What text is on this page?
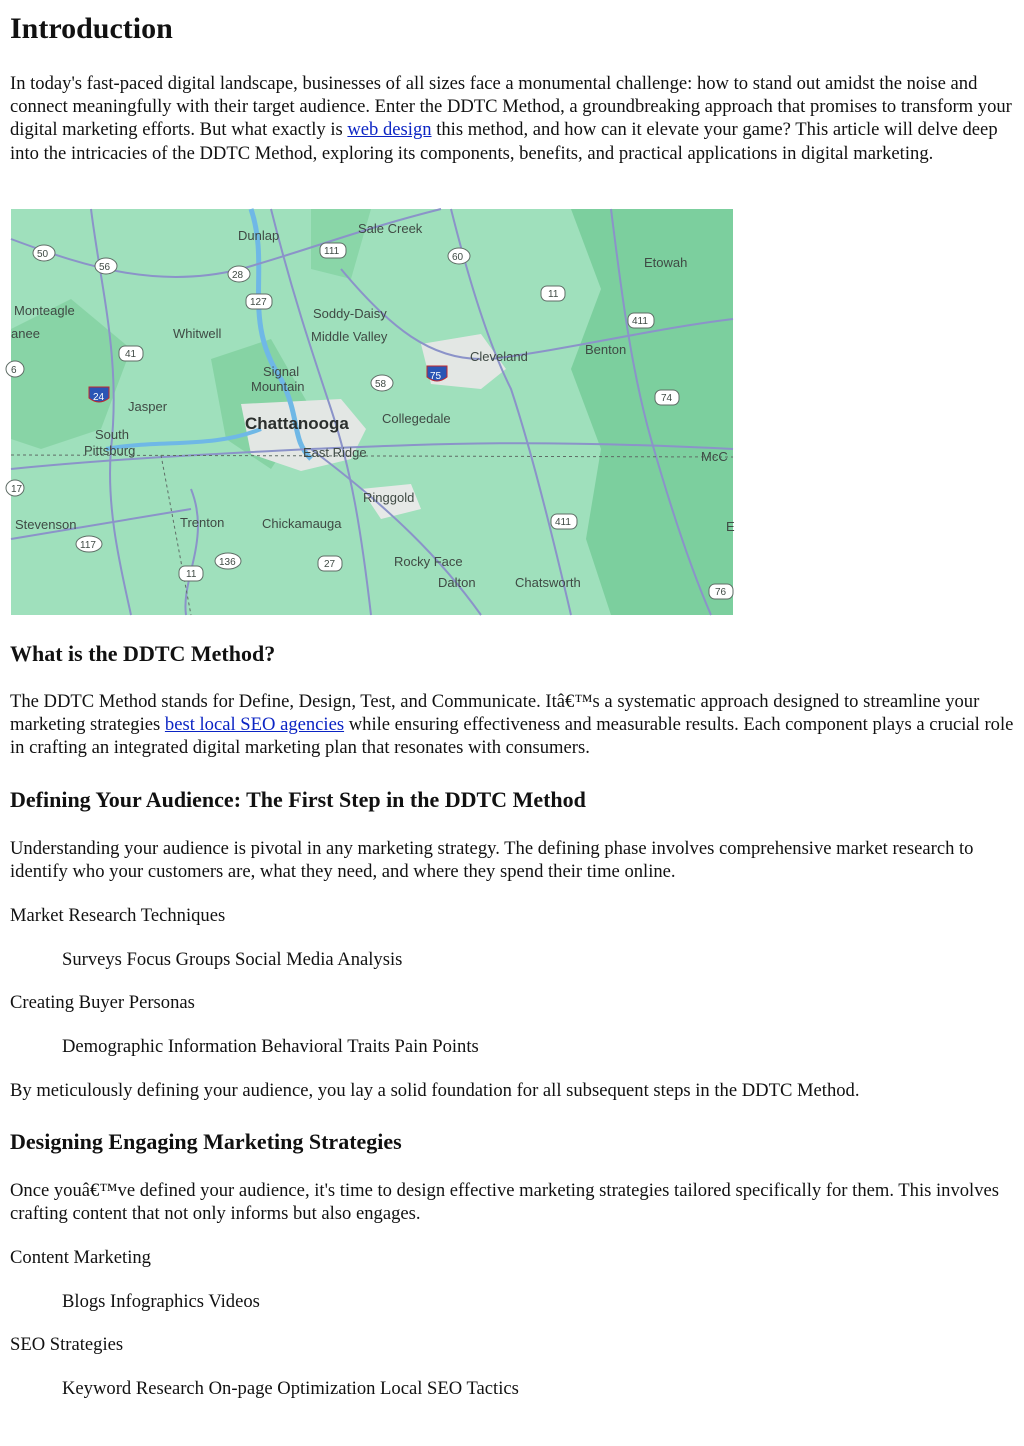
Introduction

In today's fast-paced digital landscape, businesses of all sizes face a monumental challenge: how to stand out amidst the noise and connect meaningfully with their target audience. Enter the DDTC Method, a groundbreaking approach that promises to transform your digital marketing efforts. But what exactly is web design this method, and how can it elevate your game? This article will delve deep into the intricacies of the DDTC Method, exploring its components, benefits, and practical applications in digital marketing.

Dunlap	Sale Creek
Etowah
Monteagle
anee	Whitwell
Soddy-Daisy
Middle Valley
Cleveland	Benton
Signal
Mountain
Jasper
South
Pittsburg
Chattanooga	Collegedale
East Ridge	McC
Ringgold
Stevenson	Trenton	Chickamauga
Rocky Face
Dalton	Chatsworth
E
50
56
28
111
60
11
127
411
41
6
58
75
24	74
17
411
117
136	27
11
76
What is the DDTC Method?

The DDTC Method stands for Define, Design, Test, and Communicate. Itâ€™s a systematic approach designed to streamline your marketing strategies best local SEO agencies while ensuring effectiveness and measurable results. Each component plays a crucial role in crafting an integrated digital marketing plan that resonates with consumers.

Defining Your Audience: The First Step in the DDTC Method

Understanding your audience is pivotal in any marketing strategy. The defining phase involves comprehensive market research to identify who your customers are, what they need, and where they spend their time online.

Market Research Techniques

Surveys Focus Groups Social Media Analysis

Creating Buyer Personas

Demographic Information Behavioral Traits Pain Points

By meticulously defining your audience, you lay a solid foundation for all subsequent steps in the DDTC Method.

Designing Engaging Marketing Strategies

Once youâ€™ve defined your audience, it's time to design effective marketing strategies tailored specifically for them. This involves crafting content that not only informs but also engages.

Content Marketing

Blogs Infographics Videos

SEO Strategies

Keyword Research On-page Optimization Local SEO Tactics
